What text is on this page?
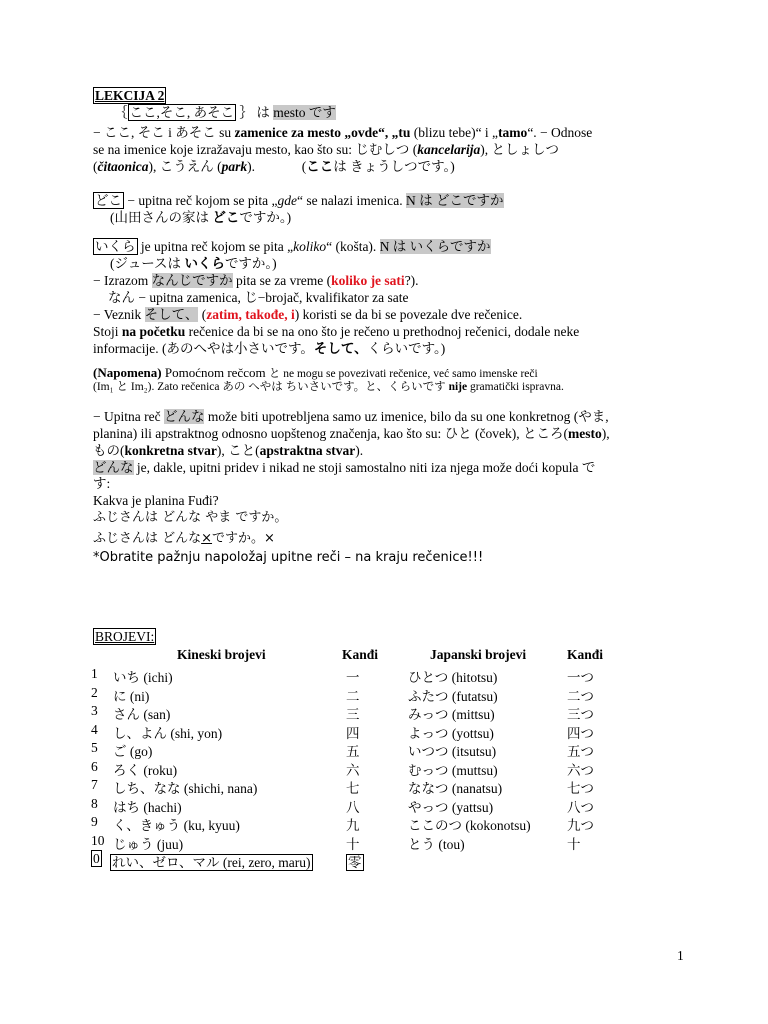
LEKCIJA 2
｛ ここ,そこ, あそこ ｝ は mesto です
− ここ, そこ i あそこ su zamenice za mesto „ovde“, „tu (blizu tebe)“ i „tamo“. − Odnose
se na imenice koje izražavaju mesto, kao što su: じむしつ (kancelarija), としょしつ
(čitaonica), こうえん (park).	(ここは きょうしつです。)
どこ − upitna reč kojom se pita „gde“ se nalazi imenica. N は どこですか
(山田さんの家は どこですか。)
いくら je upitna reč kojom se pita „koliko“ (košta). N は いくらですか
(ジュースは いくらですか。)
− Izrazom なんじですか pita se za vreme (koliko je sati?).
なん − upitna zamenica, じ−brojač, kvalifikator za sate
− Veznik そして、 (zatim, takođe, i) koristi se da bi se povezale dve rečenice.
Stoji na početku rečenice da bi se na ono što je rečeno u prethodnoj rečenici, dodale neke
informacije. (あのへやは小さいです。そして、くらいです。)
(Napomena) Pomoćnom rečcom と ne mogu se povezivati rečenice, već samo imenske reči
(Im₁ と Im₂). Zato rečenica あの へやは ちいさいです。と、くらいです nije gramatički ispravna.
− Upitna reč どんな može biti upotrebljena samo uz imenice, bilo da su one konkretnog (やま,
planina) ili apstraktnog odnosno uopštenog značenja, kao što su: ひと (čovek), ところ(mesto),
もの(konkretna stvar), こと(apstraktna stvar).
どんな je, dakle, upitni pridev i nikad ne stoji samostalno niti iza njega može doći kopula で
す:
Kakva je planina Fuđi?
ふじさんは どんな やま ですか。
ふじさんは どんな×ですか。×
*Obratite pažnju napoložaj upitne reči – na kraju rečenice!!!
BROJEVI:
Kineski brojevi	Kanđi	Japanski brojevi	Kanđi
1 いち (ichi)	一	ひとつ (hitotsu)	一つ
2 に (ni)	二	ふたつ (futatsu)	二つ
3 さん (san)	三	みっつ (mittsu)	三つ
4 し、よん (shi, yon)	四	よっつ (yottsu)	四つ
5 ご (go)	五	いつつ (itsutsu)	五つ
6 ろく (roku)	六	むっつ (muttsu)	六つ
7 しち、なな (shichi, nana)	七	ななつ (nanatsu)	七つ
8 はち (hachi)	八	やっつ (yattsu)	八つ
9 く、きゅう (ku, kyuu)	九	ここのつ (kokonotsu)	九つ
10 じゅう (juu)	十	とう (tou)	十
0 れい、ゼロ、マル (rei, zero, maru)	零
1
